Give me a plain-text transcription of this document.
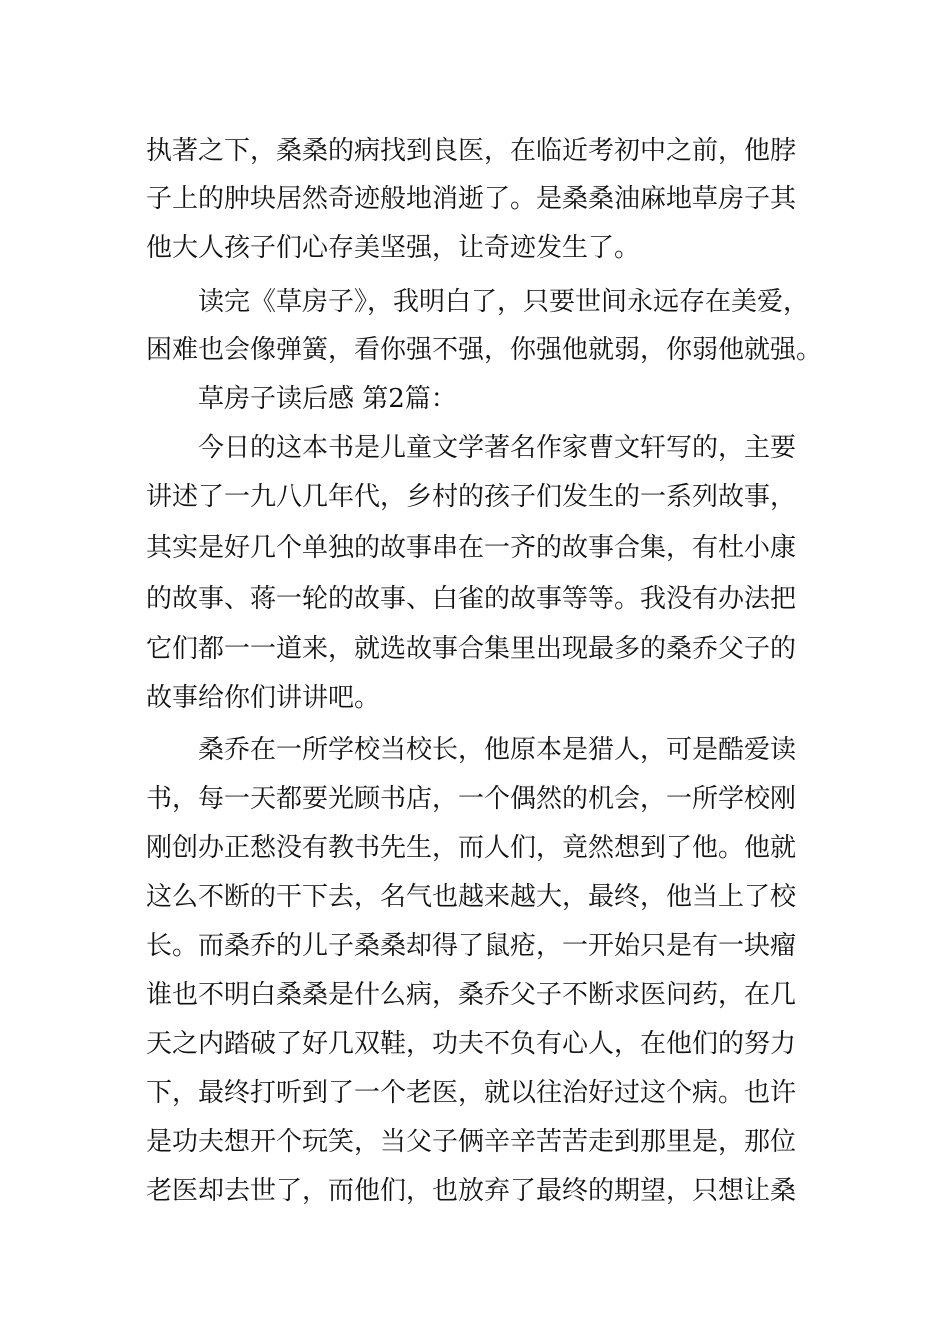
执著之下，桑桑的病找到良医，在临近考初中之前，他脖
子上的肿块居然奇迹般地消逝了。是桑桑油麻地草房子其
他大人孩子们心存美坚强，让奇迹发生了。
读完《草房子》，我明白了，只要世间永远存在美爱，
困难也会像弹簧，看你强不强，你强他就弱，你弱他就强。
草房子读后感 第2篇：
今日的这本书是儿童文学著名作家曹文轩写的，主要
讲述了一九八几年代，乡村的孩子们发生的一系列故事，
其实是好几个单独的故事串在一齐的故事合集，有杜小康
的故事、蒋一轮的故事、白雀的故事等等。我没有办法把
它们都一一道来，就选故事合集里出现最多的桑乔父子的
故事给你们讲讲吧。
桑乔在一所学校当校长，他原本是猎人，可是酷爱读
书，每一天都要光顾书店，一个偶然的机会，一所学校刚
刚创办正愁没有教书先生，而人们，竟然想到了他。他就
这么不断的干下去，名气也越来越大，最终，他当上了校
长。而桑乔的儿子桑桑却得了鼠疮，一开始只是有一块瘤
谁也不明白桑桑是什么病，桑乔父子不断求医问药，在几
天之内踏破了好几双鞋，功夫不负有心人，在他们的努力
下，最终打听到了一个老医，就以往治好过这个病。也许
是功夫想开个玩笑，当父子俩辛辛苦苦走到那里是，那位
老医却去世了，而他们，也放弃了最终的期望，只想让桑
